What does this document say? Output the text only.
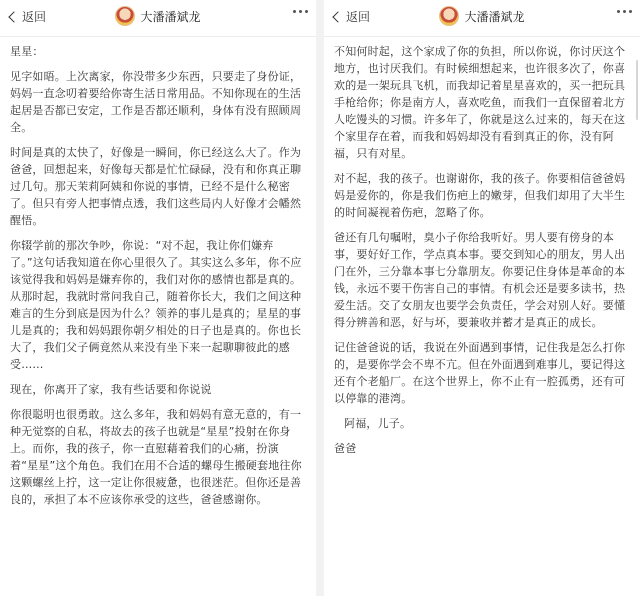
返回	大潘潘斌龙

星星：

见字如晤。上次离家，你没带多少东西，只要走了身份证，妈妈一直念叨着要给你寄生活日常用品。不知你现在的生活起居是否都已安定，工作是否都还顺利，身体有没有照顾周全。

时间是真的太快了，好像是一瞬间，你已经这么大了。作为爸爸，回想起来，好像每天都是忙忙碌碌，没有和你真正聊过几句。那天茉莉阿姨和你说的事情，已经不是什么秘密了。但只有旁人把事情点透，我们这些局内人好像才会幡然醒悟。

你辍学前的那次争吵，你说：“对不起，我让你们嫌弃了。”这句话我知道在你心里很久了。其实这么多年，你不应该觉得我和妈妈是嫌弃你的，我们对你的感情也都是真的。从那时起，我就时常问我自己，随着你长大，我们之间这种难言的生分到底是因为什么？领养的事儿是真的；星星的事儿是真的；我和妈妈跟你朝夕相处的日子也是真的。你也长大了，我们父子俩竟然从来没有坐下来一起聊聊彼此的感受……

现在，你离开了家，我有些话要和你说说

你很聪明也很勇敢。这么多年，我和妈妈有意无意的，有一种无觉察的自私，将故去的孩子也就是“星星”投射在你身上。而你，我的孩子，你一直慰藉着我们的心痛，扮演着“星星”这个角色。我们在用不合适的螺母生搬硬套地往你这颗螺丝上拧，这一定让你很疲惫，也很迷茫。但你还是善良的，承担了本不应该你承受的这些，爸爸感谢你。

返回	大潘潘斌龙

不知何时起，这个家成了你的负担，所以你说，你讨厌这个地方，也讨厌我们。有时候细想起来，也许很多次了，你喜欢的是一架玩具飞机，而我却记着星星喜欢的，买一把玩具手枪给你；你是南方人，喜欢吃鱼，而我们一直保留着北方人吃馒头的习惯。许多年了，你就是这么过来的，每天在这个家里存在着，而我和妈妈却没有看到真正的你，没有阿福，只有对星。

对不起，我的孩子。也谢谢你，我的孩子。你要相信爸爸妈妈是爱你的，你是我们伤疤上的嫩芽，但我们却用了大半生的时间凝视着伤疤，忽略了你。

爸还有几句嘱咐，臭小子你给我听好。男人要有傍身的本事，要好好工作，学点真本事。要交到知心的朋友，男人出门在外，三分靠本事七分靠朋友。你要记住身体是革命的本钱，永远不要干伤害自己的事情。有机会还是要多读书，热爱生活。交了女朋友也要学会负责任，学会对别人好。要懂得分辨善和恶，好与坏，要兼收并蓄才是真正的成长。

记住爸爸说的话，我说在外面遇到事情，记住我是怎么打你的，是要你学会不卑不亢。但在外面遇到难事儿，要记得这还有个老船厂。在这个世界上，你不止有一腔孤勇，还有可以停靠的港湾。

阿福，儿子。

爸爸
